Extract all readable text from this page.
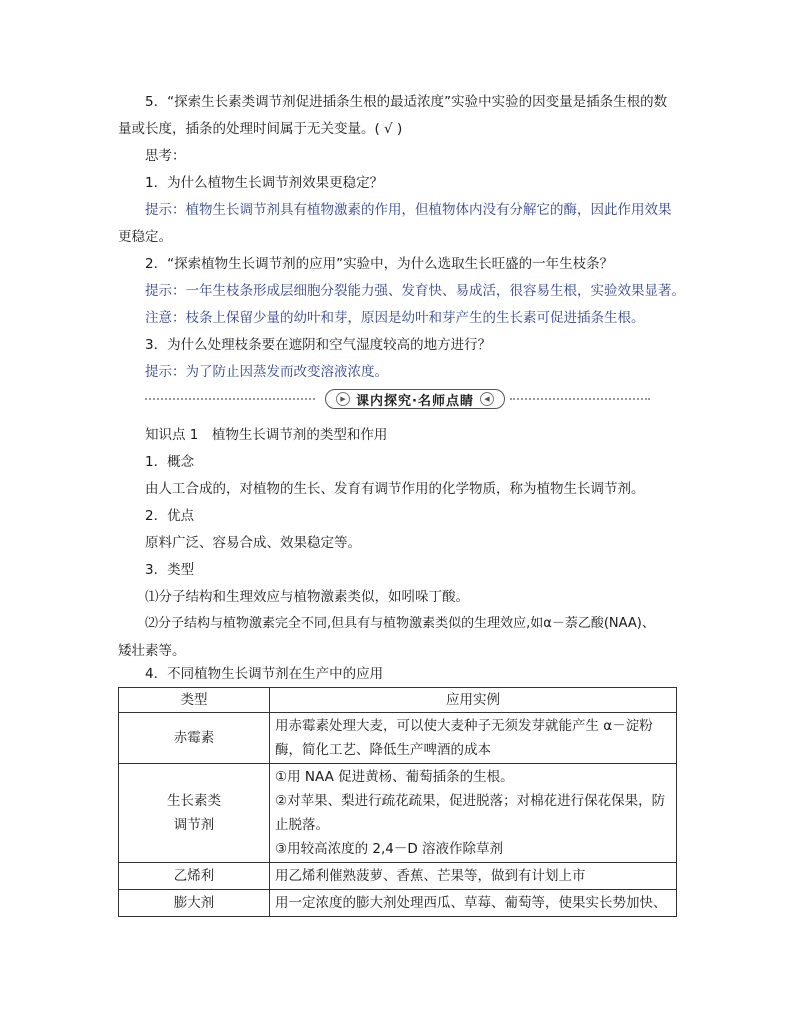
5．“探索生长素类调节剂促进插条生根的最适浓度”实验中实验的因变量是插条生根的数
量或长度，插条的处理时间属于无关变量。( √ )
思考：
1．为什么植物生长调节剂效果更稳定？
提示：植物生长调节剂具有植物激素的作用，但植物体内没有分解它的酶，因此作用效果
更稳定。
2．“探索植物生长调节剂的应用”实验中，为什么选取生长旺盛的一年生枝条？
提示：一年生枝条形成层细胞分裂能力强、发育快、易成活，很容易生根，实验效果显著。
注意：枝条上保留少量的幼叶和芽，原因是幼叶和芽产生的生长素可促进插条生根。
3．为什么处理枝条要在遮阴和空气湿度较高的地方进行？
提示：为了防止因蒸发而改变溶液浓度。
▶ 课内探究·名师点睛	◀
知识点 1　植物生长调节剂的类型和作用
1．概念
由人工合成的，对植物的生长、发育有调节作用的化学物质，称为植物生长调节剂。
2．优点
原料广泛、容易合成、效果稳定等。
3．类型
⑴分子结构和生理效应与植物激素类似，如吲哚丁酸。
⑵分子结构与植物激素完全不同,但具有与植物激素类似的生理效应,如α－萘乙酸(NAA)、
矮壮素等。
4．不同植物生长调节剂在生产中的应用
类型	应用实例

赤霉素	用赤霉素处理大麦，可以使大麦种子无须发芽就能产生 α－淀粉
酶，简化工艺、降低生产啤酒的成本

生长素类
调节剂	①用 NAA 促进黄杨、葡萄插条的生根。
②对苹果、梨进行疏花疏果，促进脱落；对棉花进行保花保果，防
止脱落。
③用较高浓度的 2,4－D 溶液作除草剂

乙烯利	用乙烯利催熟菠萝、香蕉、芒果等，做到有计划上市

膨大剂	用一定浓度的膨大剂处理西瓜、草莓、葡萄等，使果实长势加快、
